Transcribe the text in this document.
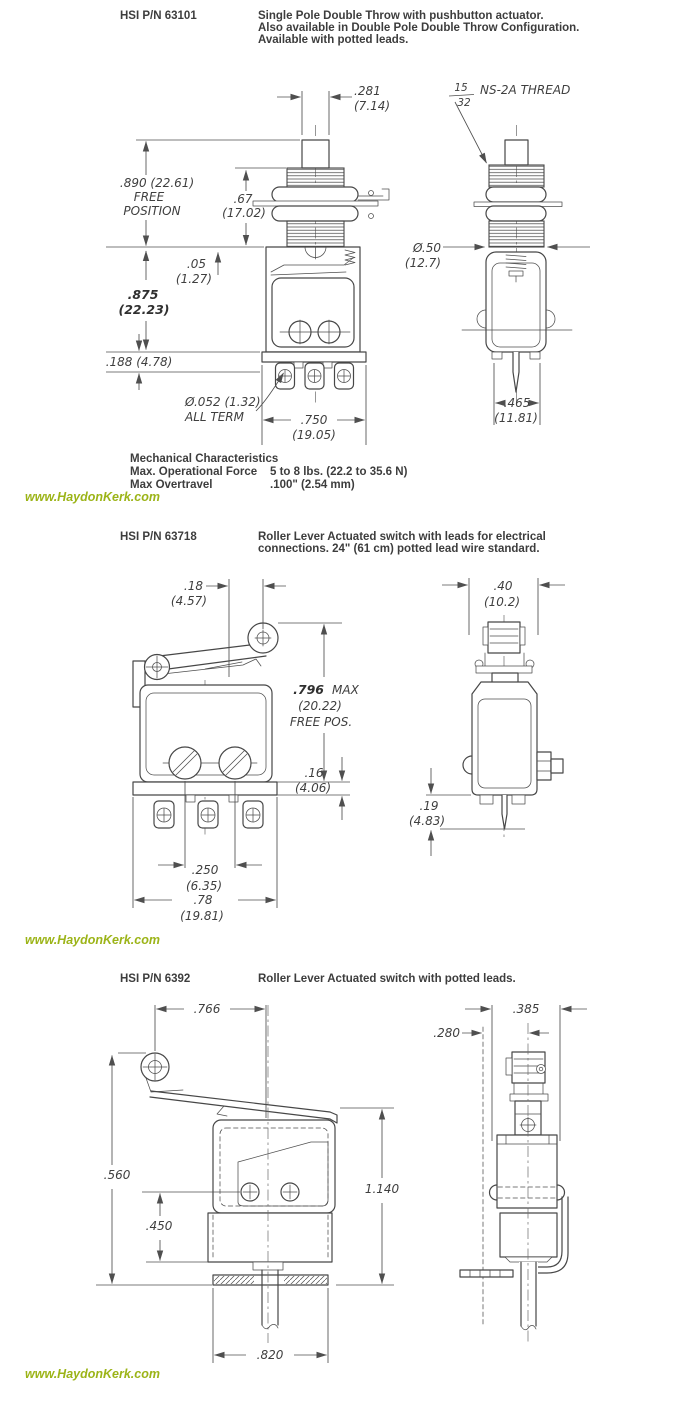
HSI P/N 63101	Single Pole Double Throw with pushbutton actuator.
Also available in Double Pole Double Throw Configuration.
Available with potted leads.
.281
(7.14)
15
32
NS-2A THREAD
.890 (22.61)
FREE
POSITION
.67
(17.02)
.05
(1.27)
.875
(22.23)
.188 (4.78)
Ø.052 (1.32)
ALL TERM	.750
(19.05)
Ø.50
(12.7)
.465
(11.81)
Mechanical Characteristics
Max. Operational Force	5 to 8 lbs. (22.2 to 35.6 N)
Max Overtravel	.100" (2.54 mm)
www.HaydonKerk.com
HSI P/N 63718	Roller Lever Actuated switch with leads for electrical
connections. 24" (61 cm) potted lead wire standard.
.18
(4.57)
.796 MAX
(20.22)
FREE POS.
.16
(4.06)
.250
(6.35)
.78
(19.81)
.40
(10.2)
.19
(4.83)
www.HaydonKerk.com
HSI P/N 6392	Roller Lever Actuated switch with potted leads.
.766
.560
1.140
.450
.820
.385
.280
www.HaydonKerk.com
